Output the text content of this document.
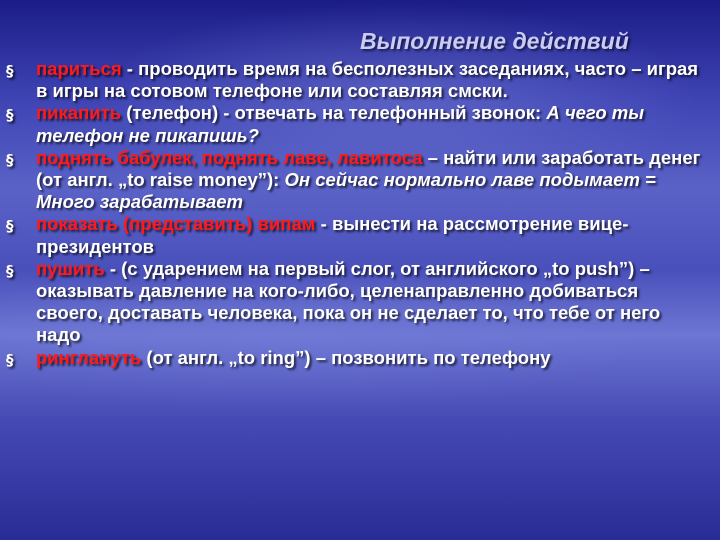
Выполнение действий
§ париться - проводить время на бесполезных заседаниях, часто – играя в игры на сотовом телефоне или составляя смски.
§ пикапить (телефон) - отвечать на телефонный звонок: А чего ты телефон не пикапишь?
§ поднять бабулек, поднять лаве, лавитоса – найти или заработать денег (от англ. „to raise money”): Он сейчас нормально лаве подымает = Много зарабатывает
§ показать (представить) випам - вынести на рассмотрение вице-президентов
§ пушить - (с ударением на первый слог, от английского „to push”) – оказывать давление на кого-либо, целенаправленно добиваться своего, доставать человека, пока он не сделает то, что тебе от него надо
§ ринглануть (от англ. „to ring”) – позвонить по телефону
